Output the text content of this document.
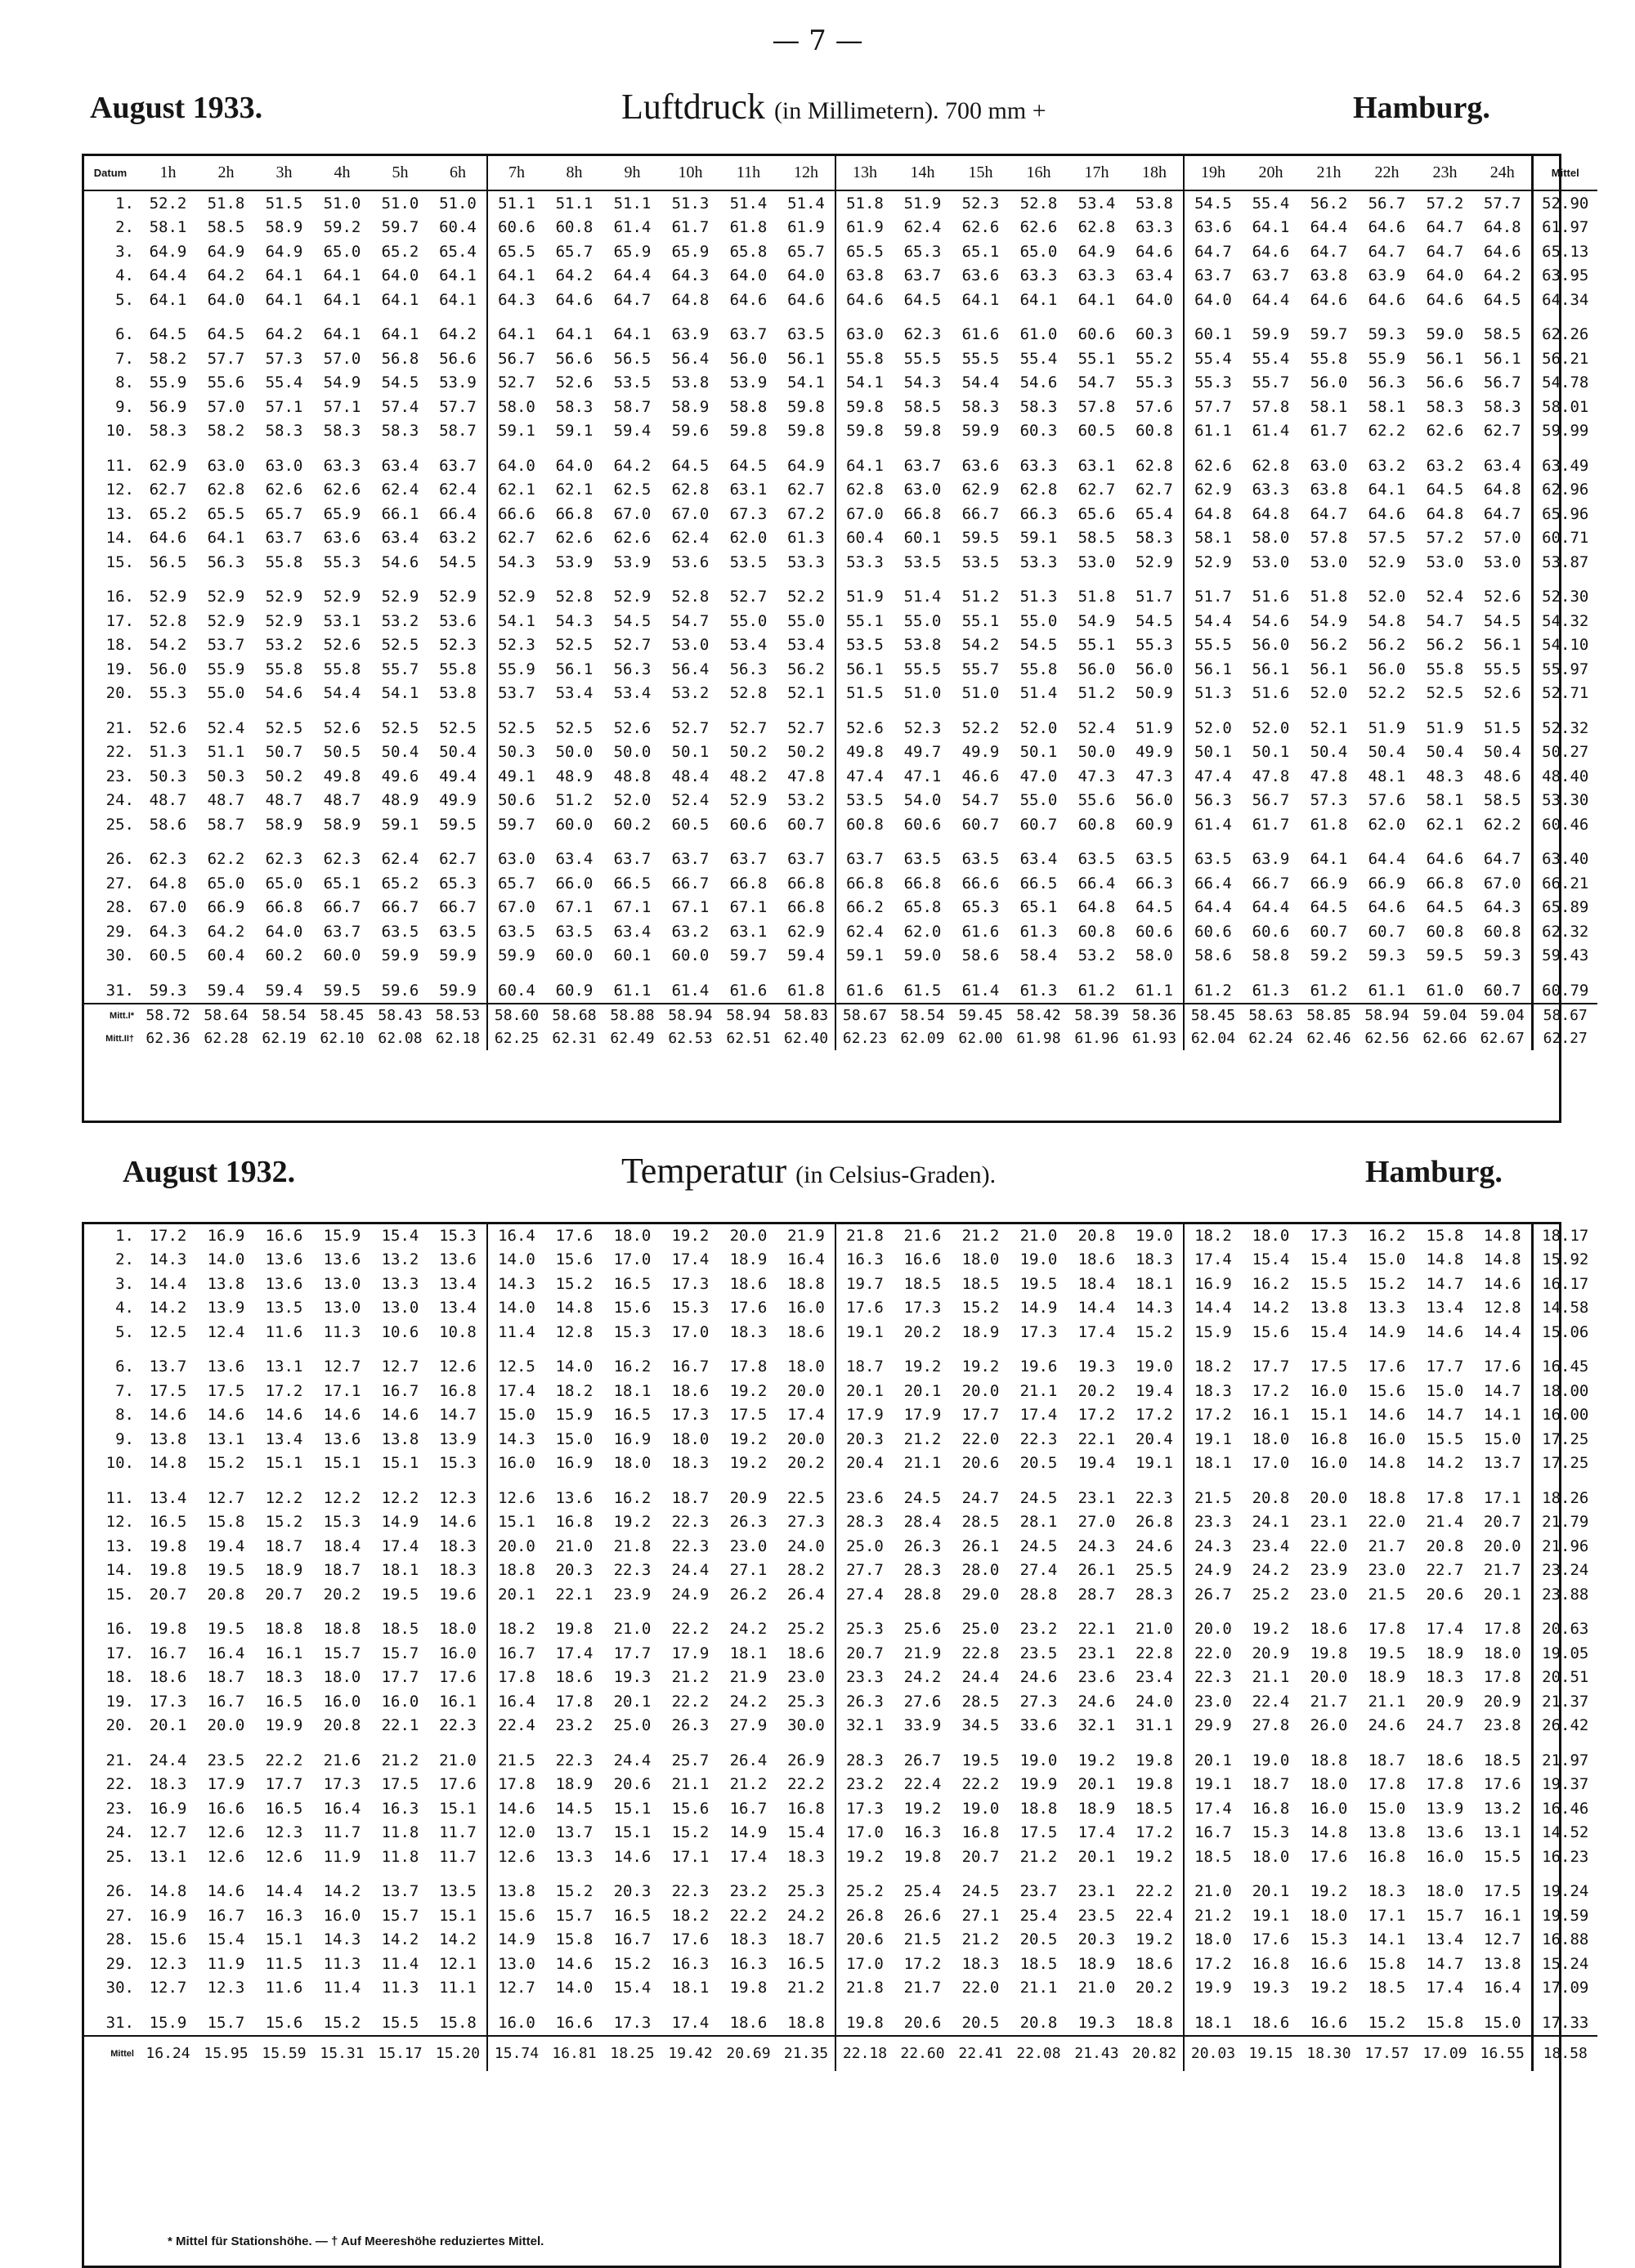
— 7 —
August 1933.	Luftdruck (in Millimetern). 700 mm +	Hamburg.
Datum	1h	2h	3h	4h	5h	6h	7h	8h	9h	10h	11h	12h	13h	14h	15h	16h	17h	18h	19h	20h	21h	22h	23h	24h	Mittel
1.	52.2	51.8	51.5	51.0	51.0	51.0	51.1	51.1	51.1	51.3	51.4	51.4	51.8	51.9	52.3	52.8	53.4	53.8	54.5	55.4	56.2	56.7	57.2	57.7	52.90
2.	58.1	58.5	58.9	59.2	59.7	60.4	60.6	60.8	61.4	61.7	61.8	61.9	61.9	62.4	62.6	62.6	62.8	63.3	63.6	64.1	64.4	64.6	64.7	64.8	61.97
3.	64.9	64.9	64.9	65.0	65.2	65.4	65.5	65.7	65.9	65.9	65.8	65.7	65.5	65.3	65.1	65.0	64.9	64.6	64.7	64.6	64.7	64.7	64.7	64.6	65.13
4.	64.4	64.2	64.1	64.1	64.0	64.1	64.1	64.2	64.4	64.3	64.0	64.0	63.8	63.7	63.6	63.3	63.3	63.4	63.7	63.7	63.8	63.9	64.0	64.2	63.95
5.	64.1	64.0	64.1	64.1	64.1	64.1	64.3	64.6	64.7	64.8	64.6	64.6	64.6	64.5	64.1	64.1	64.1	64.0	64.0	64.4	64.6	64.6	64.6	64.5	64.34
6.	64.5	64.5	64.2	64.1	64.1	64.2	64.1	64.1	64.1	63.9	63.7	63.5	63.0	62.3	61.6	61.0	60.6	60.3	60.1	59.9	59.7	59.3	59.0	58.5	62.26
7.	58.2	57.7	57.3	57.0	56.8	56.6	56.7	56.6	56.5	56.4	56.0	56.1	55.8	55.5	55.5	55.4	55.1	55.2	55.4	55.4	55.8	55.9	56.1	56.1	56.21
8.	55.9	55.6	55.4	54.9	54.5	53.9	52.7	52.6	53.5	53.8	53.9	54.1	54.1	54.3	54.4	54.6	54.7	55.3	55.3	55.7	56.0	56.3	56.6	56.7	54.78
9.	56.9	57.0	57.1	57.1	57.4	57.7	58.0	58.3	58.7	58.9	58.8	59.8	59.8	58.5	58.3	58.3	57.8	57.6	57.7	57.8	58.1	58.1	58.3	58.3	58.01
10.	58.3	58.2	58.3	58.3	58.3	58.7	59.1	59.1	59.4	59.6	59.8	59.8	59.8	59.8	59.9	60.3	60.5	60.8	61.1	61.4	61.7	62.2	62.6	62.7	59.99
11.	62.9	63.0	63.0	63.3	63.4	63.7	64.0	64.0	64.2	64.5	64.5	64.9	64.1	63.7	63.6	63.3	63.1	62.8	62.6	62.8	63.0	63.2	63.2	63.4	63.49
12.	62.7	62.8	62.6	62.6	62.4	62.4	62.1	62.1	62.5	62.8	63.1	62.7	62.8	63.0	62.9	62.8	62.7	62.7	62.9	63.3	63.8	64.1	64.5	64.8	62.96
13.	65.2	65.5	65.7	65.9	66.1	66.4	66.6	66.8	67.0	67.0	67.3	67.2	67.0	66.8	66.7	66.3	65.6	65.4	64.8	64.8	64.7	64.6	64.8	64.7	65.96
14.	64.6	64.1	63.7	63.6	63.4	63.2	62.7	62.6	62.6	62.4	62.0	61.3	60.4	60.1	59.5	59.1	58.5	58.3	58.1	58.0	57.8	57.5	57.2	57.0	60.71
15.	56.5	56.3	55.8	55.3	54.6	54.5	54.3	53.9	53.9	53.6	53.5	53.3	53.3	53.5	53.5	53.3	53.0	52.9	52.9	53.0	53.0	52.9	53.0	53.0	53.87
16.	52.9	52.9	52.9	52.9	52.9	52.9	52.9	52.8	52.9	52.8	52.7	52.2	51.9	51.4	51.2	51.3	51.8	51.7	51.7	51.6	51.8	52.0	52.4	52.6	52.30
17.	52.8	52.9	52.9	53.1	53.2	53.6	54.1	54.3	54.5	54.7	55.0	55.0	55.1	55.0	55.1	55.0	54.9	54.5	54.4	54.6	54.9	54.8	54.7	54.5	54.32
18.	54.2	53.7	53.2	52.6	52.5	52.3	52.3	52.5	52.7	53.0	53.4	53.4	53.5	53.8	54.2	54.5	55.1	55.3	55.5	56.0	56.2	56.2	56.2	56.1	54.10
19.	56.0	55.9	55.8	55.8	55.7	55.8	55.9	56.1	56.3	56.4	56.3	56.2	56.1	55.5	55.7	55.8	56.0	56.0	56.1	56.1	56.1	56.0	55.8	55.5	55.97
20.	55.3	55.0	54.6	54.4	54.1	53.8	53.7	53.4	53.4	53.2	52.8	52.1	51.5	51.0	51.0	51.4	51.2	50.9	51.3	51.6	52.0	52.2	52.5	52.6	52.71
21.	52.6	52.4	52.5	52.6	52.5	52.5	52.5	52.5	52.6	52.7	52.7	52.7	52.6	52.3	52.2	52.0	52.4	51.9	52.0	52.0	52.1	51.9	51.9	51.5	52.32
22.	51.3	51.1	50.7	50.5	50.4	50.4	50.3	50.0	50.0	50.1	50.2	50.2	49.8	49.7	49.9	50.1	50.0	49.9	50.1	50.1	50.4	50.4	50.4	50.4	50.27
23.	50.3	50.3	50.2	49.8	49.6	49.4	49.1	48.9	48.8	48.4	48.2	47.8	47.4	47.1	46.6	47.0	47.3	47.3	47.4	47.8	47.8	48.1	48.3	48.6	48.40
24.	48.7	48.7	48.7	48.7	48.9	49.9	50.6	51.2	52.0	52.4	52.9	53.2	53.5	54.0	54.7	55.0	55.6	56.0	56.3	56.7	57.3	57.6	58.1	58.5	53.30
25.	58.6	58.7	58.9	58.9	59.1	59.5	59.7	60.0	60.2	60.5	60.6	60.7	60.8	60.6	60.7	60.7	60.8	60.9	61.4	61.7	61.8	62.0	62.1	62.2	60.46
26.	62.3	62.2	62.3	62.3	62.4	62.7	63.0	63.4	63.7	63.7	63.7	63.7	63.7	63.5	63.5	63.4	63.5	63.5	63.5	63.9	64.1	64.4	64.6	64.7	63.40
27.	64.8	65.0	65.0	65.1	65.2	65.3	65.7	66.0	66.5	66.7	66.8	66.8	66.8	66.8	66.6	66.5	66.4	66.3	66.4	66.7	66.9	66.9	66.8	67.0	66.21
28.	67.0	66.9	66.8	66.7	66.7	66.7	67.0	67.1	67.1	67.1	67.1	66.8	66.2	65.8	65.3	65.1	64.8	64.5	64.4	64.4	64.5	64.6	64.5	64.3	65.89
29.	64.3	64.2	64.0	63.7	63.5	63.5	63.5	63.5	63.4	63.2	63.1	62.9	62.4	62.0	61.6	61.3	60.8	60.6	60.6	60.6	60.7	60.7	60.8	60.8	62.32
30.	60.5	60.4	60.2	60.0	59.9	59.9	59.9	60.0	60.1	60.0	59.7	59.4	59.1	59.0	58.6	58.4	53.2	58.0	58.6	58.8	59.2	59.3	59.5	59.3	59.43
31.	59.3	59.4	59.4	59.5	59.6	59.9	60.4	60.9	61.1	61.4	61.6	61.8	61.6	61.5	61.4	61.3	61.2	61.1	61.2	61.3	61.2	61.1	61.0	60.7	60.79
Mitt.I*	58.72	58.64	58.54	58.45	58.43	58.53	58.60	58.68	58.88	58.94	58.94	58.83	58.67	58.54	59.45	58.42	58.39	58.36	58.45	58.63	58.85	58.94	59.04	59.04	58.67
Mitt.II†	62.36	62.28	62.19	62.10	62.08	62.18	62.25	62.31	62.49	62.53	62.51	62.40	62.23	62.09	62.00	61.98	61.96	61.93	62.04	62.24	62.46	62.56	62.66	62.67	62.27
August 1932.	Temperatur (in Celsius-Graden).	Hamburg.
1.	17.2	16.9	16.6	15.9	15.4	15.3	16.4	17.6	18.0	19.2	20.0	21.9	21.8	21.6	21.2	21.0	20.8	19.0	18.2	18.0	17.3	16.2	15.8	14.8	18.17
2.	14.3	14.0	13.6	13.6	13.2	13.6	14.0	15.6	17.0	17.4	18.9	16.4	16.3	16.6	18.0	19.0	18.6	18.3	17.4	15.4	15.4	15.0	14.8	14.8	15.92
3.	14.4	13.8	13.6	13.0	13.3	13.4	14.3	15.2	16.5	17.3	18.6	18.8	19.7	18.5	18.5	19.5	18.4	18.1	16.9	16.2	15.5	15.2	14.7	14.6	16.17
4.	14.2	13.9	13.5	13.0	13.0	13.4	14.0	14.8	15.6	15.3	17.6	16.0	17.6	17.3	15.2	14.9	14.4	14.3	14.4	14.2	13.8	13.3	13.4	12.8	14.58
5.	12.5	12.4	11.6	11.3	10.6	10.8	11.4	12.8	15.3	17.0	18.3	18.6	19.1	20.2	18.9	17.3	17.4	15.2	15.9	15.6	15.4	14.9	14.6	14.4	15.06
6.	13.7	13.6	13.1	12.7	12.7	12.6	12.5	14.0	16.2	16.7	17.8	18.0	18.7	19.2	19.2	19.6	19.3	19.0	18.2	17.7	17.5	17.6	17.7	17.6	16.45
7.	17.5	17.5	17.2	17.1	16.7	16.8	17.4	18.2	18.1	18.6	19.2	20.0	20.1	20.1	20.0	21.1	20.2	19.4	18.3	17.2	16.0	15.6	15.0	14.7	18.00
8.	14.6	14.6	14.6	14.6	14.6	14.7	15.0	15.9	16.5	17.3	17.5	17.4	17.9	17.9	17.7	17.4	17.2	17.2	17.2	16.1	15.1	14.6	14.7	14.1	16.00
9.	13.8	13.1	13.4	13.6	13.8	13.9	14.3	15.0	16.9	18.0	19.2	20.0	20.3	21.2	22.0	22.3	22.1	20.4	19.1	18.0	16.8	16.0	15.5	15.0	17.25
10.	14.8	15.2	15.1	15.1	15.1	15.3	16.0	16.9	18.0	18.3	19.2	20.2	20.4	21.1	20.6	20.5	19.4	19.1	18.1	17.0	16.0	14.8	14.2	13.7	17.25
11.	13.4	12.7	12.2	12.2	12.2	12.3	12.6	13.6	16.2	18.7	20.9	22.5	23.6	24.5	24.7	24.5	23.1	22.3	21.5	20.8	20.0	18.8	17.8	17.1	18.26
12.	16.5	15.8	15.2	15.3	14.9	14.6	15.1	16.8	19.2	22.3	26.3	27.3	28.3	28.4	28.5	28.1	27.0	26.8	23.3	24.1	23.1	22.0	21.4	20.7	21.79
13.	19.8	19.4	18.7	18.4	17.4	18.3	20.0	21.0	21.8	22.3	23.0	24.0	25.0	26.3	26.1	24.5	24.3	24.6	24.3	23.4	22.0	21.7	20.8	20.0	21.96
14.	19.8	19.5	18.9	18.7	18.1	18.3	18.8	20.3	22.3	24.4	27.1	28.2	27.7	28.3	28.0	27.4	26.1	25.5	24.9	24.2	23.9	23.0	22.7	21.7	23.24
15.	20.7	20.8	20.7	20.2	19.5	19.6	20.1	22.1	23.9	24.9	26.2	26.4	27.4	28.8	29.0	28.8	28.7	28.3	26.7	25.2	23.0	21.5	20.6	20.1	23.88
16.	19.8	19.5	18.8	18.8	18.5	18.0	18.2	19.8	21.0	22.2	24.2	25.2	25.3	25.6	25.0	23.2	22.1	21.0	20.0	19.2	18.6	17.8	17.4	17.8	20.63
17.	16.7	16.4	16.1	15.7	15.7	16.0	16.7	17.4	17.7	17.9	18.1	18.6	20.7	21.9	22.8	23.5	23.1	22.8	22.0	20.9	19.8	19.5	18.9	18.0	19.05
18.	18.6	18.7	18.3	18.0	17.7	17.6	17.8	18.6	19.3	21.2	21.9	23.0	23.3	24.2	24.4	24.6	23.6	23.4	22.3	21.1	20.0	18.9	18.3	17.8	20.51
19.	17.3	16.7	16.5	16.0	16.0	16.1	16.4	17.8	20.1	22.2	24.2	25.3	26.3	27.6	28.5	27.3	24.6	24.0	23.0	22.4	21.7	21.1	20.9	20.9	21.37
20.	20.1	20.0	19.9	20.8	22.1	22.3	22.4	23.2	25.0	26.3	27.9	30.0	32.1	33.9	34.5	33.6	32.1	31.1	29.9	27.8	26.0	24.6	24.7	23.8	26.42
21.	24.4	23.5	22.2	21.6	21.2	21.0	21.5	22.3	24.4	25.7	26.4	26.9	28.3	26.7	19.5	19.0	19.2	19.8	20.1	19.0	18.8	18.7	18.6	18.5	21.97
22.	18.3	17.9	17.7	17.3	17.5	17.6	17.8	18.9	20.6	21.1	21.2	22.2	23.2	22.4	22.2	19.9	20.1	19.8	19.1	18.7	18.0	17.8	17.8	17.6	19.37
23.	16.9	16.6	16.5	16.4	16.3	15.1	14.6	14.5	15.1	15.6	16.7	16.8	17.3	19.2	19.0	18.8	18.9	18.5	17.4	16.8	16.0	15.0	13.9	13.2	16.46
24.	12.7	12.6	12.3	11.7	11.8	11.7	12.0	13.7	15.1	15.2	14.9	15.4	17.0	16.3	16.8	17.5	17.4	17.2	16.7	15.3	14.8	13.8	13.6	13.1	14.52
25.	13.1	12.6	12.6	11.9	11.8	11.7	12.6	13.3	14.6	17.1	17.4	18.3	19.2	19.8	20.7	21.2	20.1	19.2	18.5	18.0	17.6	16.8	16.0	15.5	16.23
26.	14.8	14.6	14.4	14.2	13.7	13.5	13.8	15.2	20.3	22.3	23.2	25.3	25.2	25.4	24.5	23.7	23.1	22.2	21.0	20.1	19.2	18.3	18.0	17.5	19.24
27.	16.9	16.7	16.3	16.0	15.7	15.1	15.6	15.7	16.5	18.2	22.2	24.2	26.8	26.6	27.1	25.4	23.5	22.4	21.2	19.1	18.0	17.1	15.7	16.1	19.59
28.	15.6	15.4	15.1	14.3	14.2	14.2	14.9	15.8	16.7	17.6	18.3	18.7	20.6	21.5	21.2	20.5	20.3	19.2	18.0	17.6	15.3	14.1	13.4	12.7	16.88
29.	12.3	11.9	11.5	11.3	11.4	12.1	13.0	14.6	15.2	16.3	16.3	16.5	17.0	17.2	18.3	18.5	18.9	18.6	17.2	16.8	16.6	15.8	14.7	13.8	15.24
30.	12.7	12.3	11.6	11.4	11.3	11.1	12.7	14.0	15.4	18.1	19.8	21.2	21.8	21.7	22.0	21.1	21.0	20.2	19.9	19.3	19.2	18.5	17.4	16.4	17.09
31.	15.9	15.7	15.6	15.2	15.5	15.8	16.0	16.6	17.3	17.4	18.6	18.8	19.8	20.6	20.5	20.8	19.3	18.8	18.1	18.6	16.6	15.2	15.8	15.0	17.33
Mittel	16.24	15.95	15.59	15.31	15.17	15.20	15.74	16.81	18.25	19.42	20.69	21.35	22.18	22.60	22.41	22.08	21.43	20.82	20.03	19.15	18.30	17.57	17.09	16.55	18.58
* Mittel für Stationshöhe. — † Auf Meereshöhe reduziertes Mittel.
